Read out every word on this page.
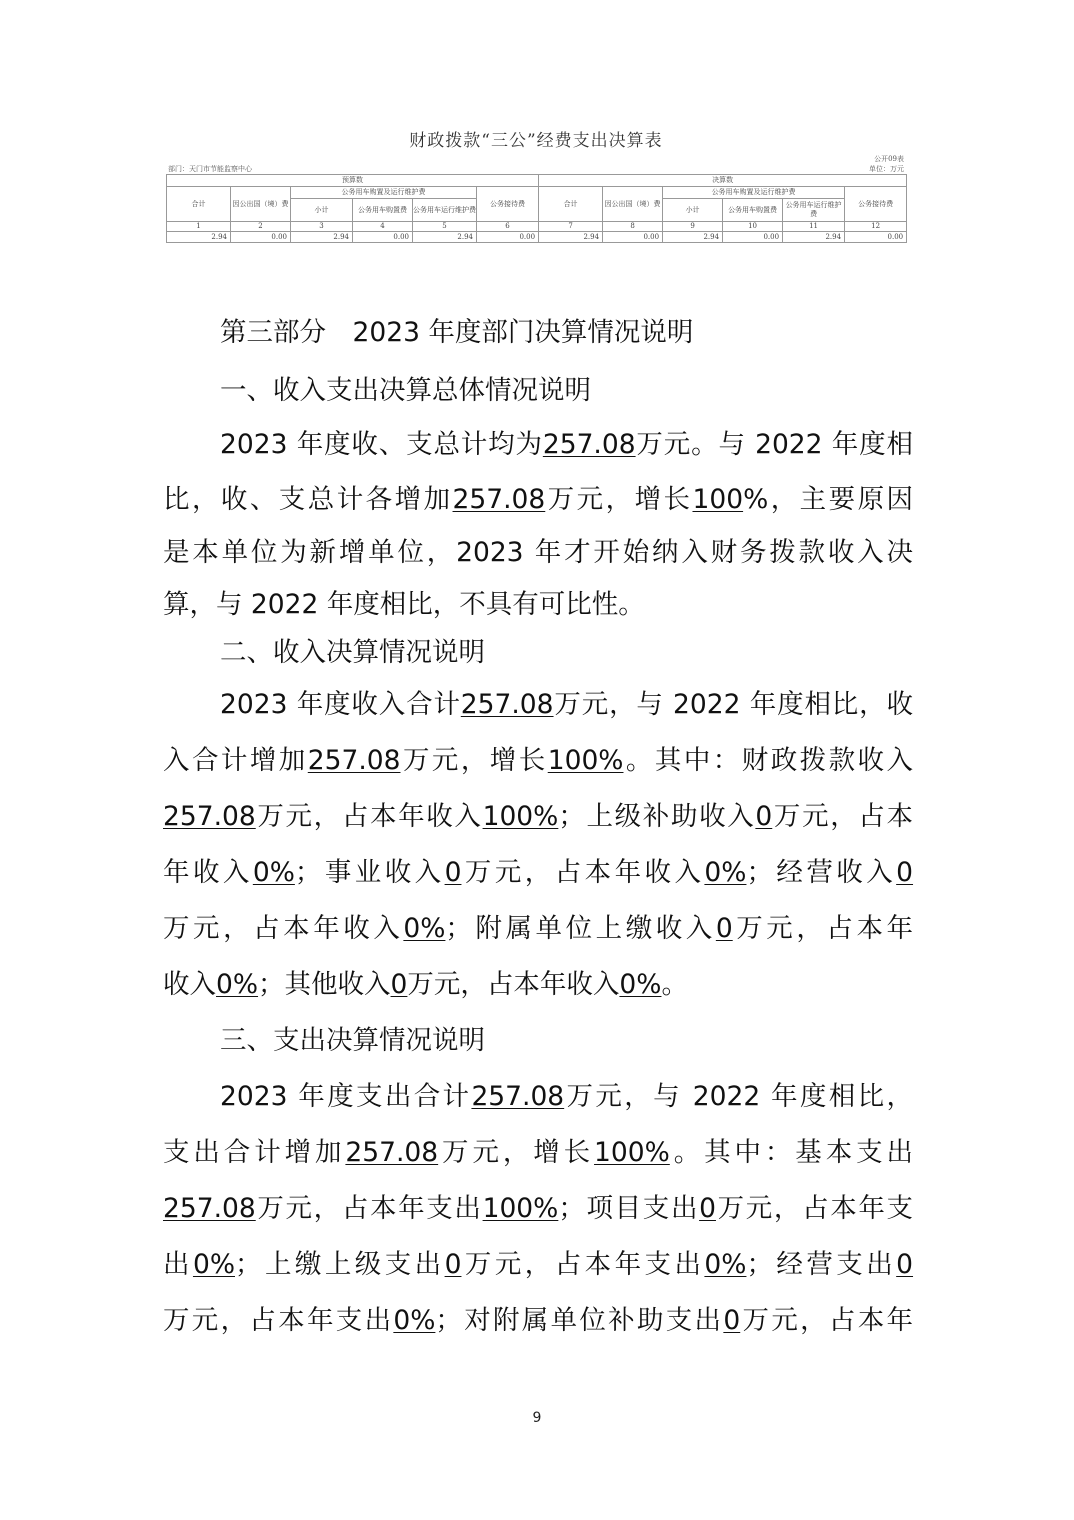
财政拨款“三公”经费支出决算表
部门：天门市节能监察中心
公开09表
单位：万元
预算数						决算数					
合计	因公出国（境）费	公务用车购置及运行维护费			公务接待费	合计	因公出国（境）费	公务用车购置及运行维护费			公务接待费
		小计	公务用车购置费	公务用车运行维护费				小计	公务用车购置费	公务用车运行维护费	
1	2	3	4	5	6	7	8	9	10	11	12
2.94	0.00	2.94	0.00	2.94	0.00	2.94	0.00	2.94	0.00	2.94	0.00
第三部分　2023 年度部门决算情况说明
一、收入支出决算总体情况说明
2023 年度收、支总计均为257.08万元。与 2022 年度相
比，收、支总计各增加257.08万元，增长100%，主要原因
是本单位为新增单位，2023 年才开始纳入财务拨款收入决
算，与 2022 年度相比，不具有可比性。
二、收入决算情况说明
2023 年度收入合计257.08万元，与 2022 年度相比，收
入合计增加257.08万元，增长100%。其中：财政拨款收入
257.08万元，占本年收入100%；上级补助收入0万元，占本
年收入0%；事业收入0万元，占本年收入0%；经营收入0
万元，占本年收入0%；附属单位上缴收入0万元，占本年
收入0%；其他收入0万元，占本年收入0%。
三、支出决算情况说明
2023 年度支出合计257.08万元，与 2022 年度相比，
支出合计增加257.08万元，增长100%。其中：基本支出
257.08万元，占本年支出100%；项目支出0万元，占本年支
出0%；上缴上级支出0万元，占本年支出0%；经营支出0
万元，占本年支出0%；对附属单位补助支出0万元，占本年
9
